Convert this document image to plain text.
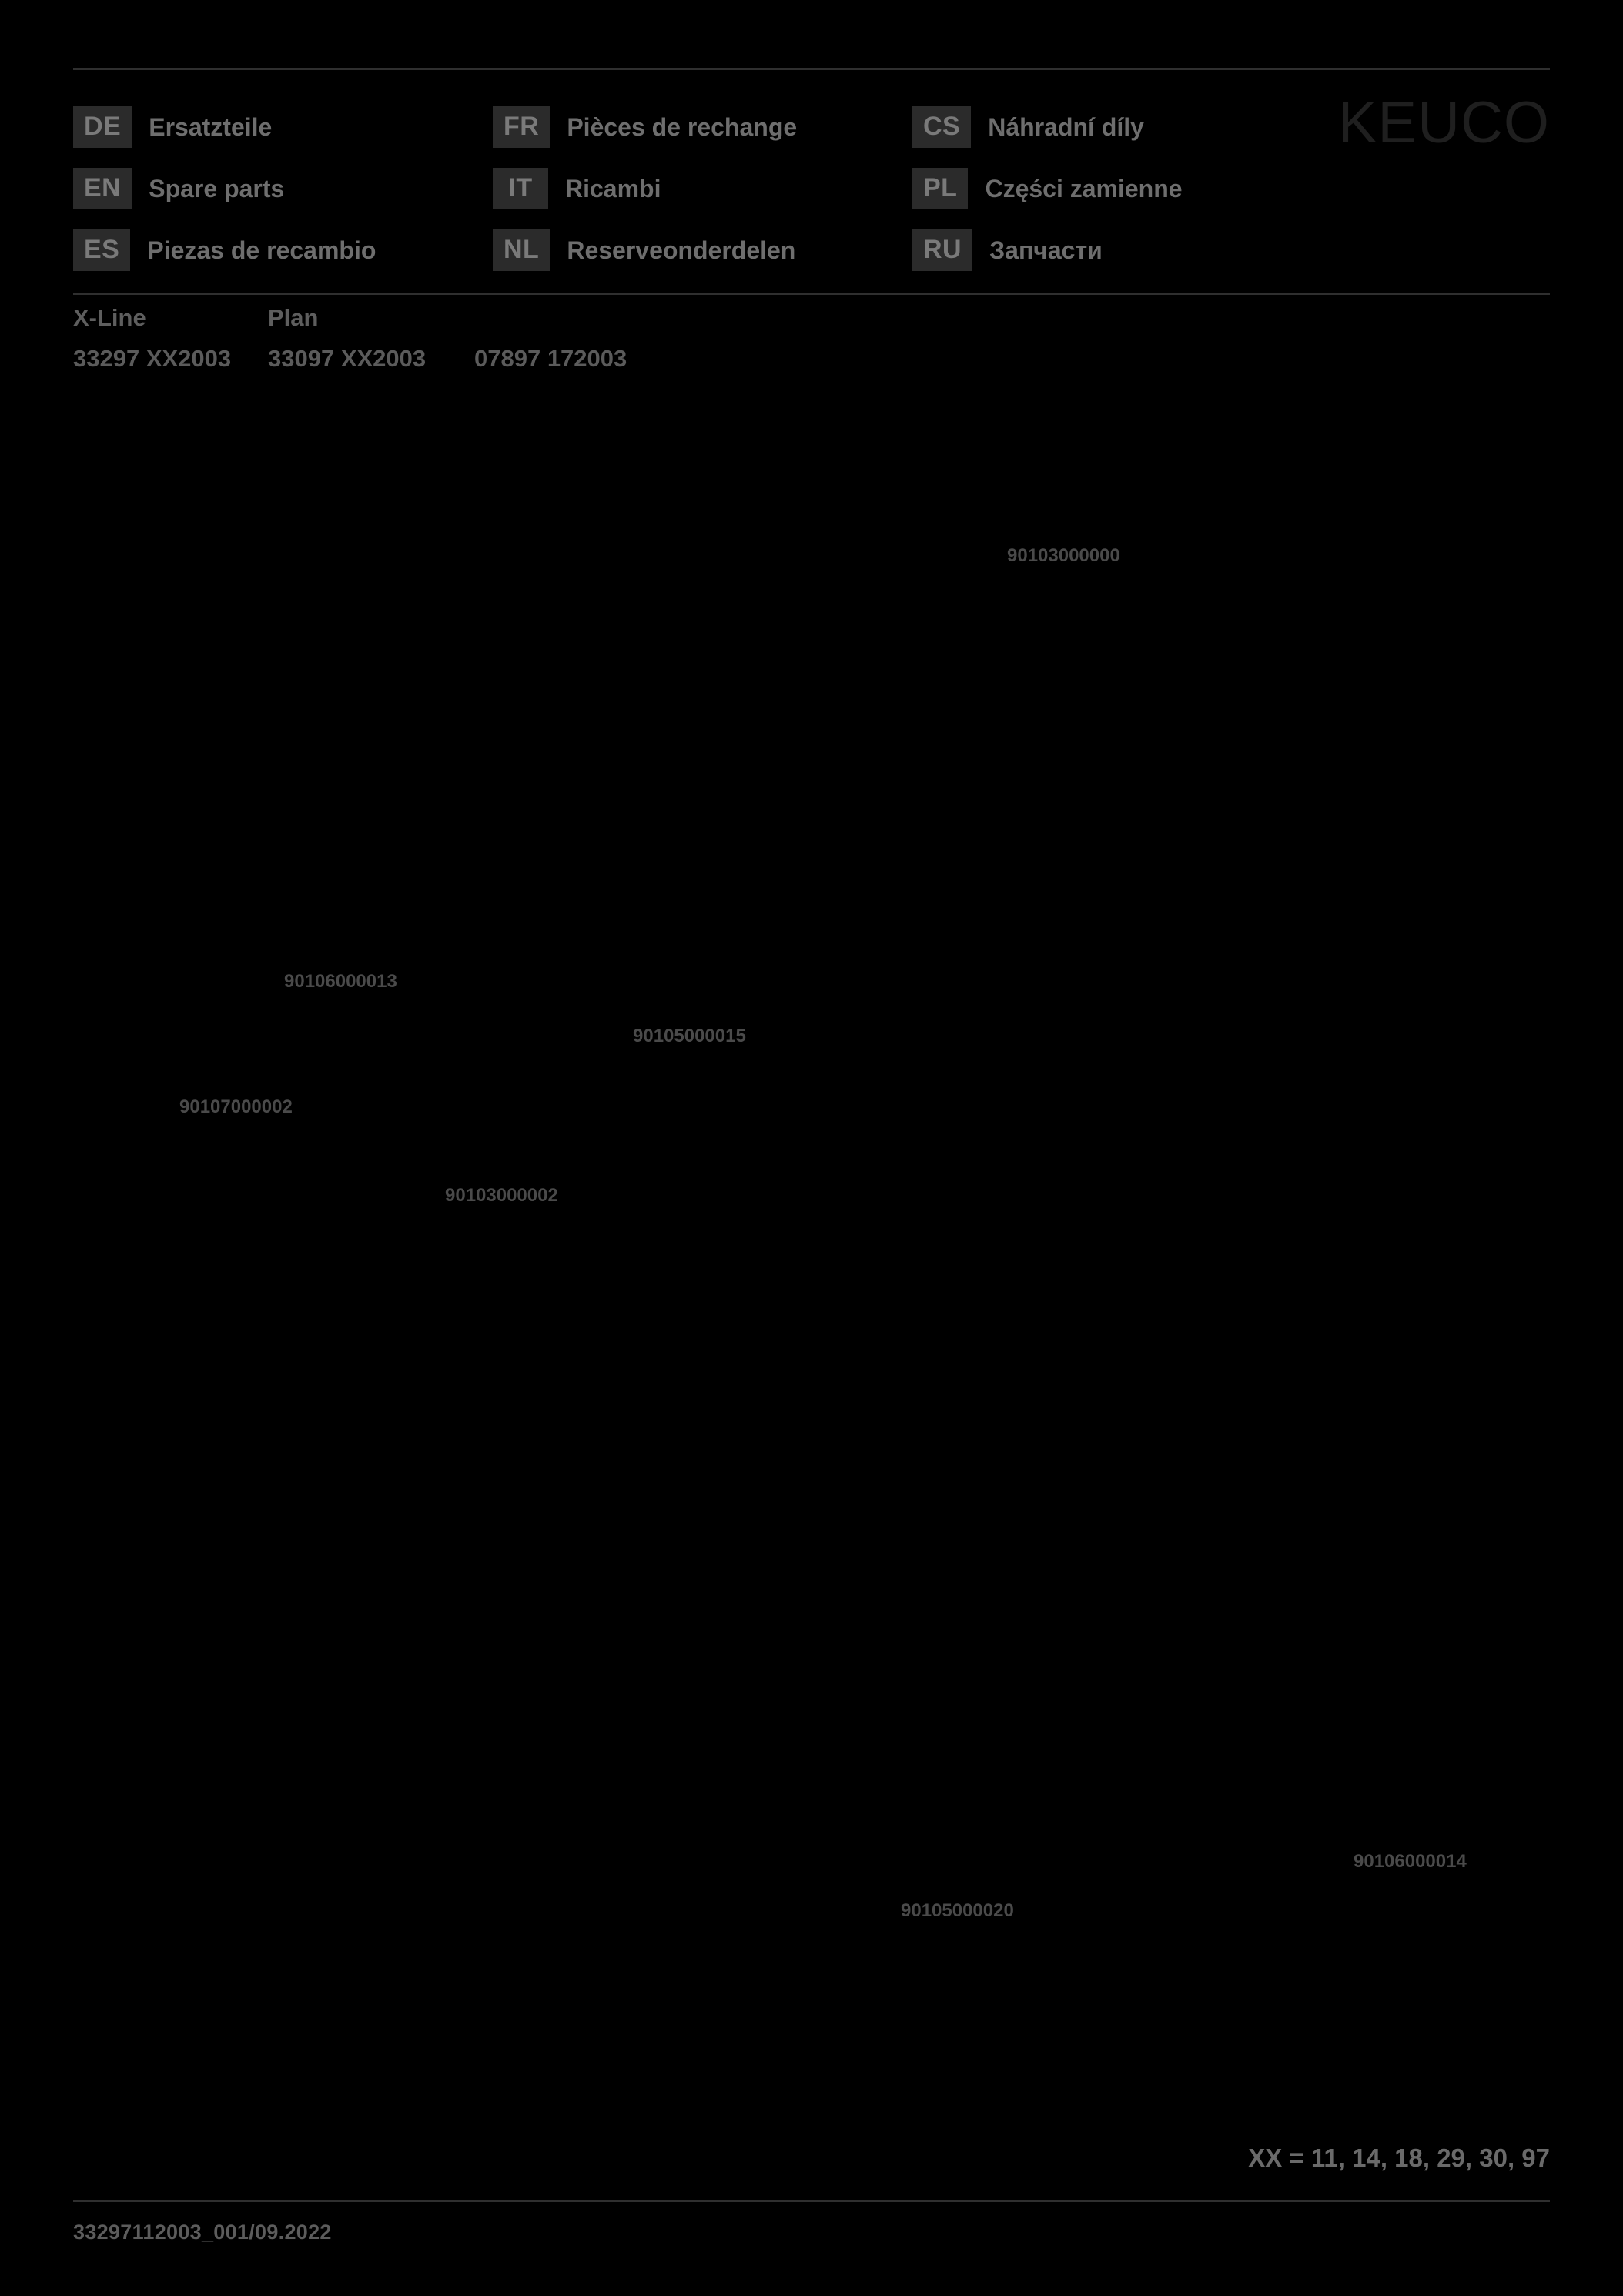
DE	Ersatzteile	FR	Pièces de rechange	CS	Náhradní díly
EN	Spare parts	IT	Ricambi	PL	Części zamienne
ES	Piezas de recambio	NL	Reserveonderdelen	RU	Запчасти
KEUCO
X-Line	Plan
33297 XX2003	33097 XX2003	07897 172003
90103000000
90106000013
90105000015
90107000002
90103000002
90106000014
90105000020
XX = 11, 14, 18, 29, 30, 97
33297112003_001/09.2022
